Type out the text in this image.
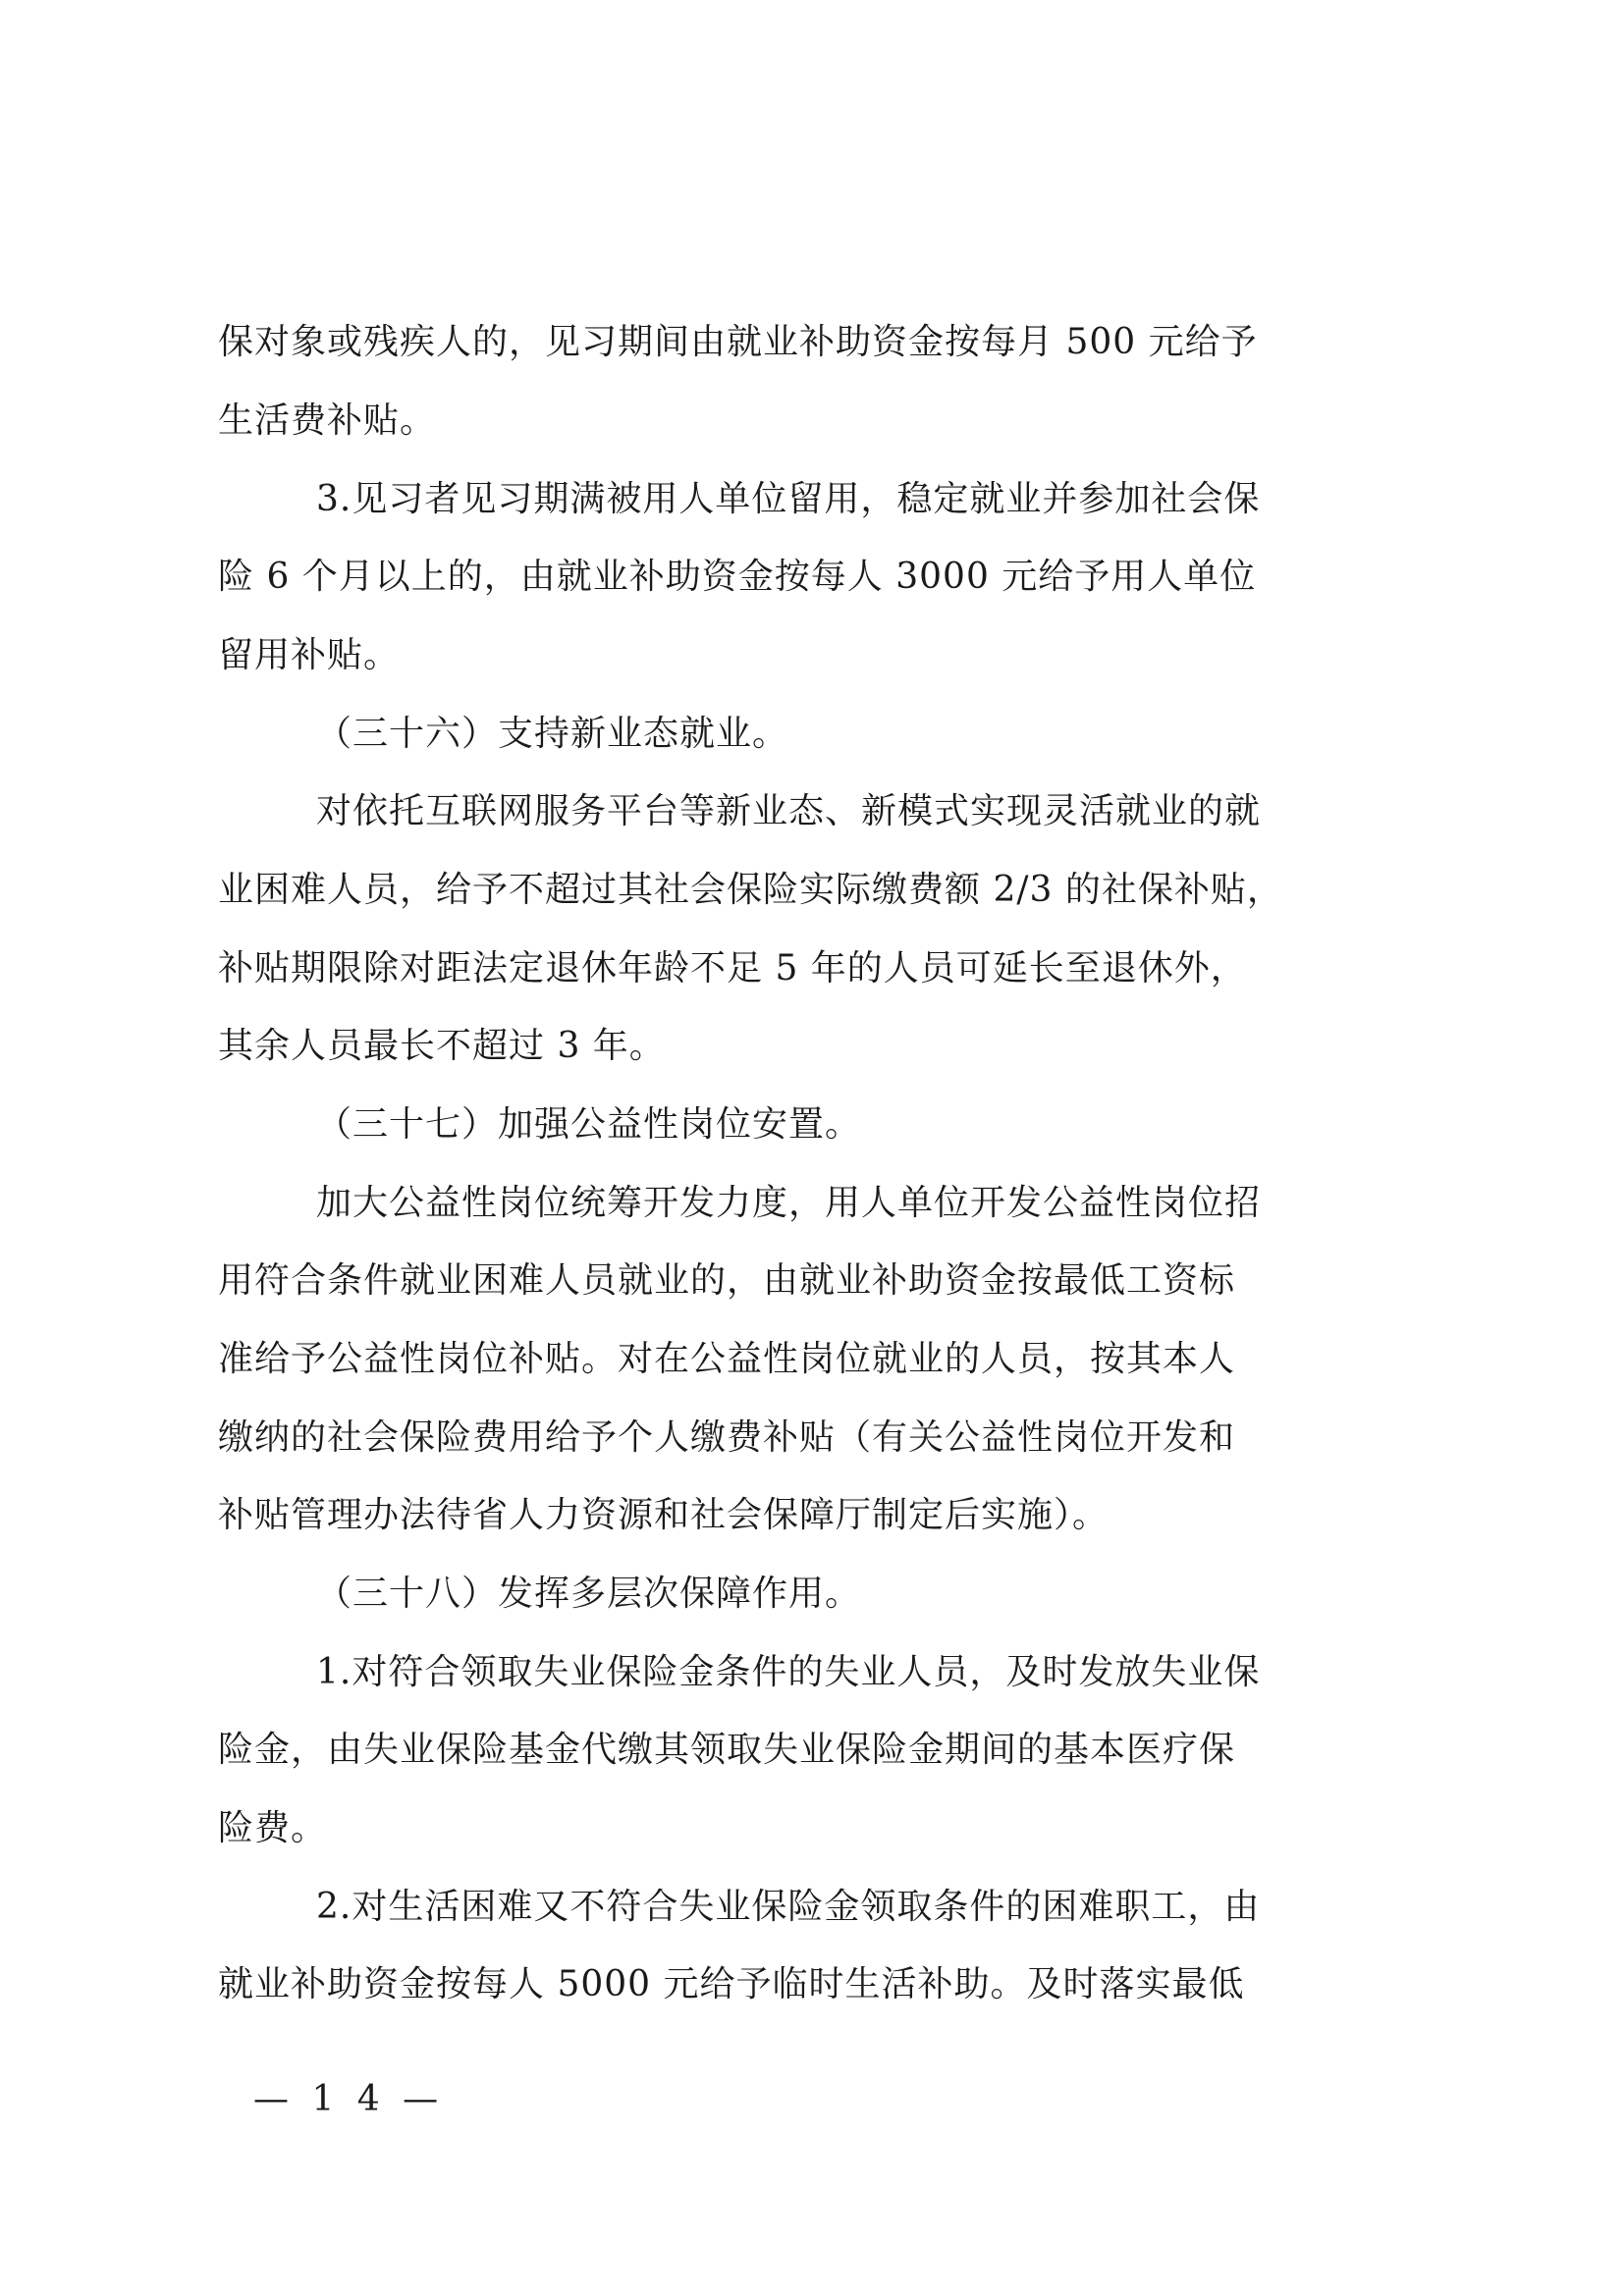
保对象或残疾人的，见习期间由就业补助资金按每月 500 元给予
生活费补贴。
3.见习者见习期满被用人单位留用，稳定就业并参加社会保
险 6 个月以上的，由就业补助资金按每人 3000 元给予用人单位
留用补贴。
（三十六）支持新业态就业。
对依托互联网服务平台等新业态、新模式实现灵活就业的就
业困难人员，给予不超过其社会保险实际缴费额 2/3 的社保补贴，
补贴期限除对距法定退休年龄不足 5 年的人员可延长至退休外，
其余人员最长不超过 3 年。
（三十七）加强公益性岗位安置。
加大公益性岗位统筹开发力度，用人单位开发公益性岗位招
用符合条件就业困难人员就业的，由就业补助资金按最低工资标
准给予公益性岗位补贴。对在公益性岗位就业的人员，按其本人
缴纳的社会保险费用给予个人缴费补贴（有关公益性岗位开发和
补贴管理办法待省人力资源和社会保障厅制定后实施）。
（三十八）发挥多层次保障作用。
1.对符合领取失业保险金条件的失业人员，及时发放失业保
险金，由失业保险基金代缴其领取失业保险金期间的基本医疗保
险费。
2.对生活困难又不符合失业保险金领取条件的困难职工，由
就业补助资金按每人 5000 元给予临时生活补助。及时落实最低
— 1 4 —
